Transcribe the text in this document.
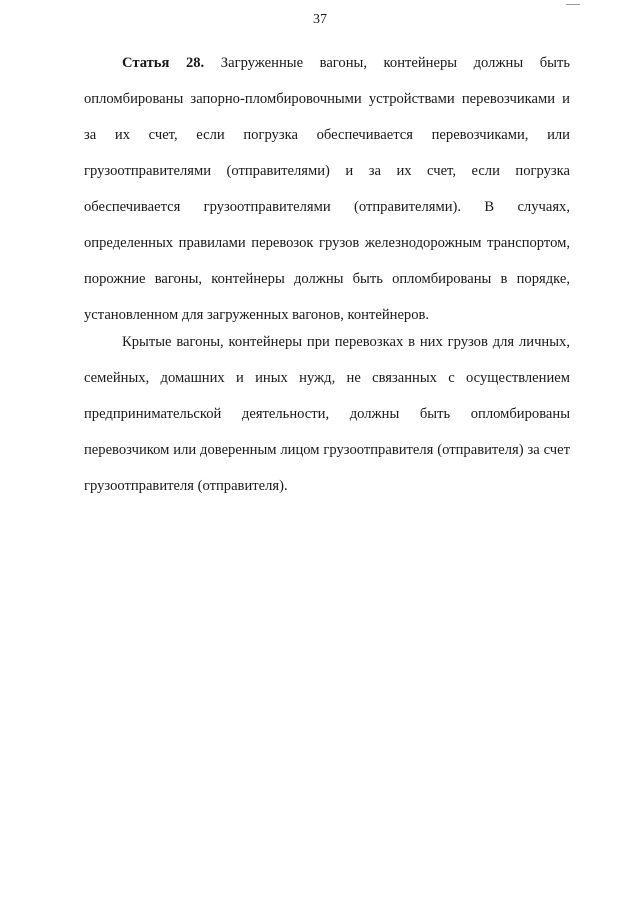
37

Статья 28. Загруженные вагоны, контейнеры должны быть опломбированы запорно-пломбировочными устройствами перевозчиками и за их счет, если погрузка обеспечивается перевозчиками, или грузоотправителями (отправителями) и за их счет, если погрузка обеспечивается грузоотправителями (отправителями). В случаях, определенных правилами перевозок грузов железнодорожным транспортом, порожние вагоны, контейнеры должны быть опломбированы в порядке, установленном для загруженных вагонов, контейнеров.

Крытые вагоны, контейнеры при перевозках в них грузов для личных, семейных, домашних и иных нужд, не связанных с осуществлением предпринимательской деятельности, должны быть опломбированы перевозчиком или доверенным лицом грузоотправителя (отправителя) за счет грузоотправителя (отправителя).
